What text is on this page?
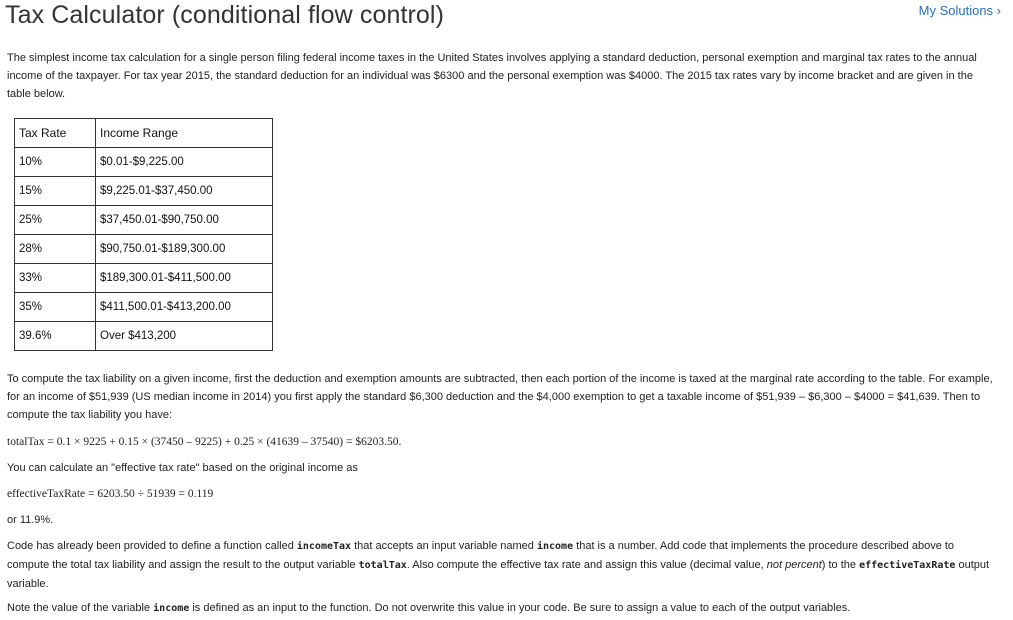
Tax Calculator (conditional flow control)	My Solutions ›

The simplest income tax calculation for a single person filing federal income taxes in the United States involves applying a standard deduction, personal exemption and marginal tax rates to the annual income of the taxpayer. For tax year 2015, the standard deduction for an individual was $6300 and the personal exemption was $4000. The 2015 tax rates vary by income bracket and are given in the table below.

Tax Rate	Income Range
10%	$0.01-$9,225.00
15%	$9,225.01-$37,450.00
25%	$37,450.01-$90,750.00
28%	$90,750.01-$189,300.00
33%	$189,300.01-$411,500.00
35%	$411,500.01-$413,200.00
39.6%	Over $413,200

To compute the tax liability on a given income, first the deduction and exemption amounts are subtracted, then each portion of the income is taxed at the marginal rate according to the table. For example, for an income of $51,939 (US median income in 2014) you first apply the standard $6,300 deduction and the $4,000 exemption to get a taxable income of $51,939 – $6,300 – $4000 = $41,639. Then to compute the tax liability you have:

totalTax = 0.1 × 9225 + 0.15 × (37450 – 9225) + 0.25 × (41639 – 37540) = $6203.50.

You can calculate an "effective tax rate" based on the original income as

effectiveTaxRate = 6203.50 ÷ 51939 = 0.119

or 11.9%.

Code has already been provided to define a function called incomeTax that accepts an input variable named income that is a number. Add code that implements the procedure described above to compute the total tax liability and assign the result to the output variable totalTax. Also compute the effective tax rate and assign this value (decimal value, not percent) to the effectiveTaxRate output variable.

Note the value of the variable income is defined as an input to the function. Do not overwrite this value in your code. Be sure to assign a value to each of the output variables.
